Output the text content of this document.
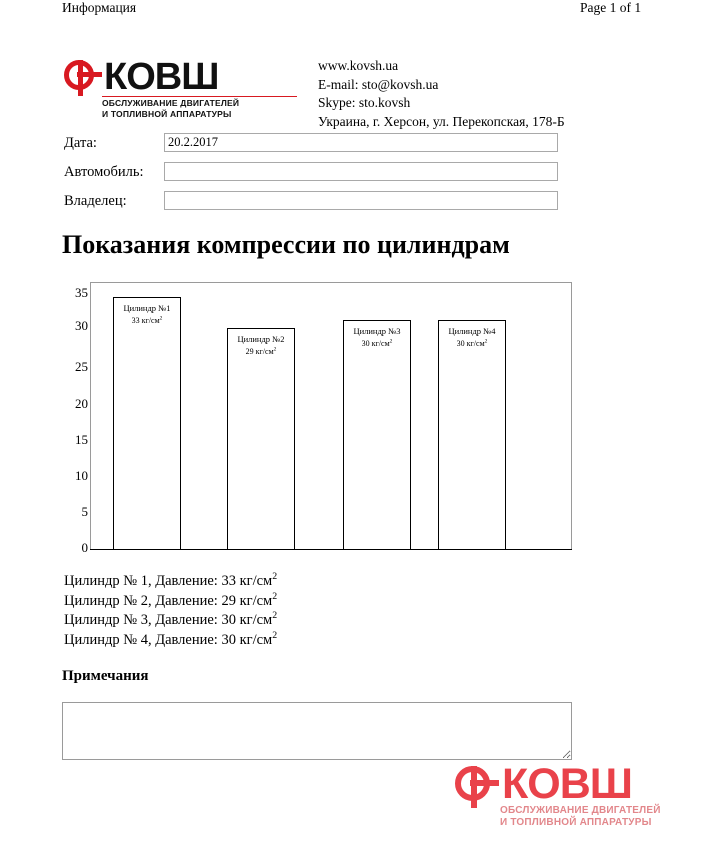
Информация	Page 1 of 1
КОВШ
ОБСЛУЖИВАНИЕ ДВИГАТЕЛЕЙ
И ТОПЛИВНОЙ АППАРАТУРЫ
www.kovsh.ua
E-mail: sto@kovsh.ua
Skype: sto.kovsh
Украина, г. Херсон, ул. Перекопская, 178-Б
Дата:
20.2.2017
Автомобиль:
Владелец:
Показания компрессии по цилиндрам
35
30
25
20
15
10
5
0
Цилиндр №1
33 $кг/см^2$
Цилиндр №2
29 $кг/см^2$
Цилиндр №3
30 $кг/см^2$
Цилиндр №4
30 $кг/см^2$
Цилиндр № 1, Давление: 33 $кг/см^2$
Цилиндр № 2, Давление: 29 $кг/см^2$
Цилиндр № 3, Давление: 30 $кг/см^2$
Цилиндр № 4, Давление: 30 $кг/см^2$
Примечания
КОВШ
ОБСЛУЖИВАНИЕ ДВИГАТЕЛЕЙ
И ТОПЛИВНОЙ АППАРАТУРЫ
